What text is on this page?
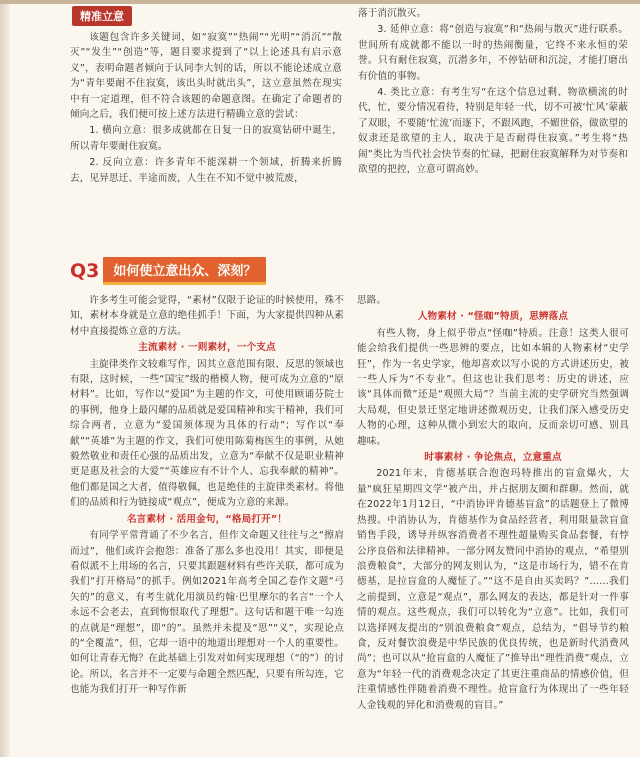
精准立意

该题包含许多关键词，如“寂寞”“热闹”“光明”“消沉”“散灭”“发生”“创造”等，题目要求提到了“以上论述具有启示意义”，表明命题者倾向于认同李大钊的话，所以不能论述成立意为“青年要耐不住寂寞，该出头时就出头”，这立意虽然在现实中有一定道理，但不符合该题的命题意图。在确定了命题者的倾向之后，我们便可按上述方法进行精确立意的尝试：

1. 横向立意：很多成就都在日复一日的寂寞钻研中诞生，所以青年要耐住寂寞。

2. 反向立意：许多青年不能深耕一个领域，折腾来折腾去，见异思迁、半途而废，人生在不知不觉中被荒废，

落于消沉散灭。

3. 延伸立意：将“创造与寂寞”和“热闹与散灭”进行联系。世间所有成就都不能以一时的热闹衡量，它终不来永恒的荣誉。只有耐住寂寞，沉潜多年，不停钻研和沉淀，才能打磨出有价值的事物。

4. 类比立意：有考生写“在这个信息过剩、物欲横流的时代，忙，要分情况看待，特别是年轻一代，切不可被‘忙风’蒙蔽了双眼，不要随‘忙流’而逐下，不跟风跑，不媚世俗，做欲望的奴隶还是欲望的主人，取决于是否耐得住寂寞。”考生将“热闹”类比为当代社会快节奏的忙碌，把耐住寂寞解释为对节奏和欲望的把控，立意可谓高妙。

Q3	如何使立意出众、深刻？

许多考生可能会觉得，“素材”仅限于论证的时候使用，殊不知，素材本身就是立意的绝佳抓手！下面，为大家提供四种从素材中直接提炼立意的方法。

主流素材 · 一则素材，一个支点

主旋律类作文较难写作，因其立意范围有限、反思的领域也有限，这时候，一些“国宝”级的楷模人物，便可成为立意的“原材料”。比如，写作以“爱国”为主题的作文，可使用顾诵芬院士的事例，他身上最闪耀的品质就是爱国精神和实干精神，我们可综合两者，立意为“爱国须体现为具体的行动”；写作以“奉献”“英雄”为主题的作文，我们可使用陈菊梅医生的事例，从她毅然敬业和责任心强的品质出发，立意为“奉献不仅是职业精神更是惠及社会的大爱”“英雄应有不计个人、忘我奉献的精神”。他们都是国之大者，值得敬佩，也是绝佳的主旋律类素材。将他们的品质和行为链接成“观点”，便成为立意的来源。

名言素材 · 活用金句，“格局打开”！

有同学平常背诵了不少名言，但作文命题又往往与之“擦肩而过”，他们或许会抱怨：准备了那么多也没用！其实，即便是看似派不上用场的名言，只要其跟题材料有些许关联，都可成为我们“打开格局”的抓手。例如2021年高考全国乙卷作文题“弓矢的”的意义，有考生就化用演员约翰·巴里摩尔的名言“一个人永远不会老去，直到悔恨取代了理想”。这句话和题干唯一勾连的点就是“理想”，即“的”。虽然并未提及“思”“义”，实现论点的“全覆盖”，但，它却一语中的地道出理想对一个人的重要性。如何让青春无悔？在此基础上引发对如何实现理想（“的”）的讨论。所以，名言并不一定要与命题全然匹配，只要有所勾连，它也能为我们打开一种写作新

思路。

人物素材 · “怪咖”特质，思辨落点

有些人物，身上似乎带点“怪咖”特质。注意！这类人很可能会给我们提供一些思辨的要点，比如本辑的人物素材“史学狂”，作为一名史学家，他却喜欢以写小说的方式讲述历史，被一些人斥为“不专业”。但这也让我们思考：历史的讲述，应该“具体而微”还是“观照大局”？当前主流的史学研究当然强调大局观，但史景迁坚定地讲述微观历史，让我们深入感受历史人物的心理，这种从微小到宏大的取向，反而亲切可感、别具趣味。

时事素材 · 争论焦点，立意重点

2021年末，肯德基联合泡泡玛特推出的盲盒爆火，大量“疯狂星期四文学”被产出，并占据朋友圈和群聊。然而，就在2022年1月12日，“中消协评肯德基盲盒”的话题登上了微博热搜。中消协认为，肯德基作为食品经营者，利用限量款盲盒销售手段，诱导并纵容消费者不理性超量购买食品套餐，有悖公序良俗和法律精神。一部分网友赞同中消协的观点，“希望别浪费粮食”，大部分的网友则认为，“这是市场行为，错不在肯德基，是拉盲盒的人魔怔了。”“这不是自由买卖吗？”……我们之前提到，立意是“观点”，那么网友的表达，都是针对一件事情的观点。这些观点，我们可以转化为“立意”。比如，我们可以选择网友提出的“别浪费粮食”观点，总结为，“倡导节约粮食，反对餐饮浪费是中华民族的优良传统，也是新时代消费风尚”；也可以从“抢盲盒的人魔怔了”推导出“理性消费”观点，立意为“年轻一代的消费观念决定了其更注重商品的情感价值，但注重情感性伴随着消费不理性。抢盲盒行为体现出了一些年轻人金钱观的异化和消费观的盲目。”
